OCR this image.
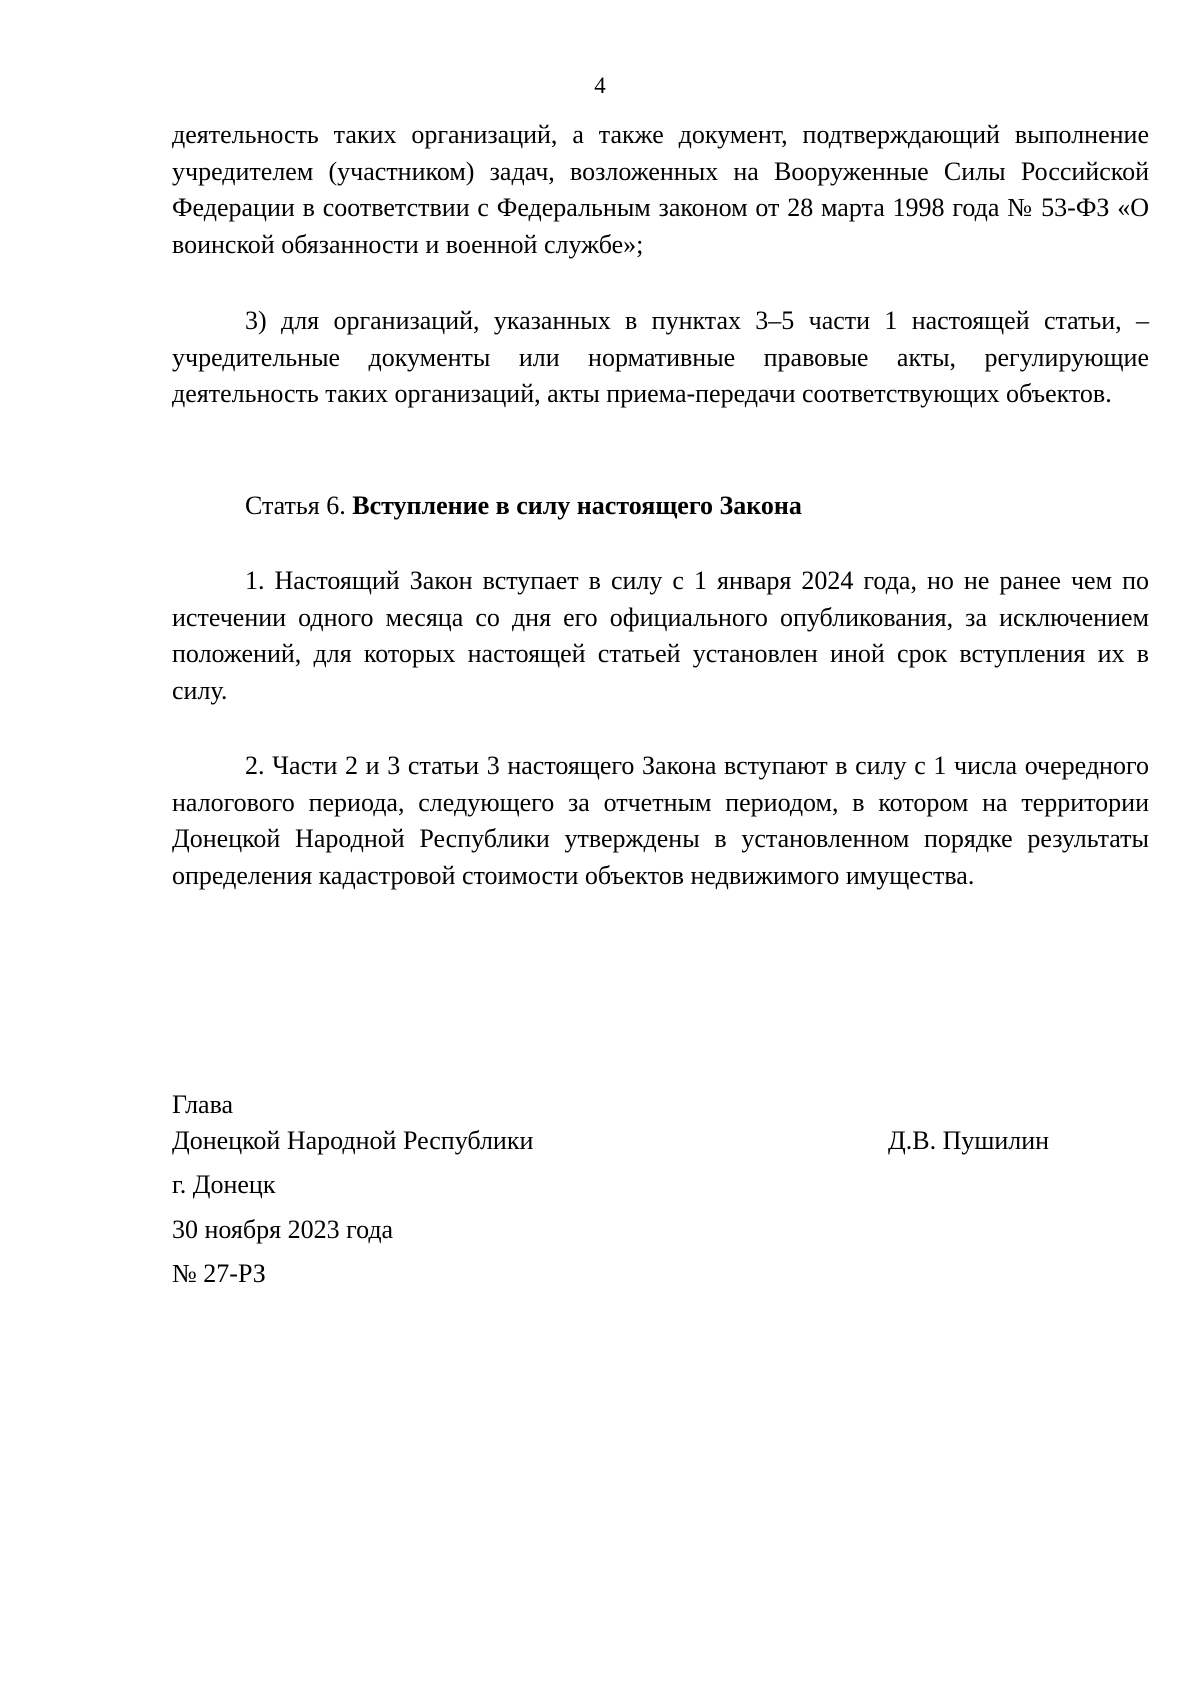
4
деятельность таких организаций, а также документ, подтверждающий выполнение учредителем (участником) задач, возложенных на Вооруженные Силы Российской Федерации в соответствии с Федеральным законом от 28 марта 1998 года № 53-ФЗ «О воинской обязанности и военной службе»;
3) для организаций, указанных в пунктах 3–5 части 1 настоящей статьи, – учредительные документы или нормативные правовые акты, регулирующие деятельность таких организаций, акты приема-передачи соответствующих объектов.
Статья 6. Вступление в силу настоящего Закона
1. Настоящий Закон вступает в силу с 1 января 2024 года, но не ранее чем по истечении одного месяца со дня его официального опубликования, за исключением положений, для которых настоящей статьей установлен иной срок вступления их в силу.
2. Части 2 и 3 статьи 3 настоящего Закона вступают в силу с 1 числа очередного налогового периода, следующего за отчетным периодом, в котором на территории Донецкой Народной Республики утверждены в установленном порядке результаты определения кадастровой стоимости объектов недвижимого имущества.
Глава
Донецкой Народной Республики	Д.В. Пушилин
г. Донецк
30 ноября 2023 года
№ 27-РЗ
